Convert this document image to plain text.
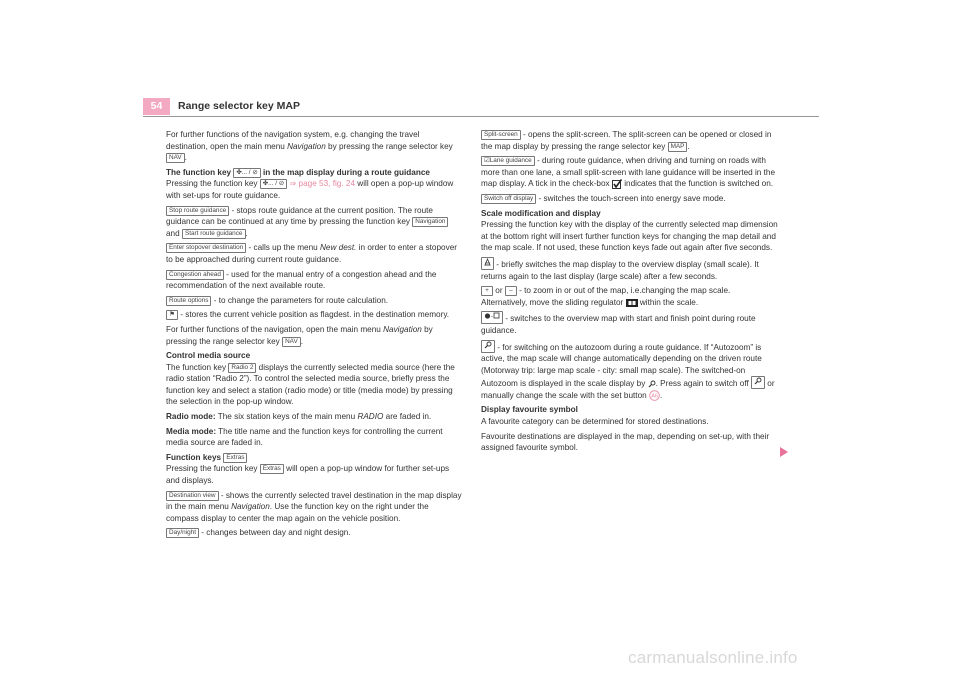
54	Range selector key MAP

For further functions of the navigation system, e.g. changing the travel destination, open the main menu Navigation by pressing the range selector key NAV .

The function key ✤... / ⊘ in the map display during a route guidance

Pressing the function key ✤... / ⊘ ⇒ page 53, fig. 24 will open a pop-up window with set-ups for route guidance.

Stop route guidance - stops route guidance at the current position. The route guidance can be continued at any time by pressing the function key Navigation and Start route guidance .

Enter stopover destination - calls up the menu New dest. in order to enter a stopover to be approached during current route guidance.

Congestion ahead - used for the manual entry of a congestion ahead and the recommendation of the next available route.

Route options - to change the parameters for route calculation.

⚑ - stores the current vehicle position as flagdest. in the destination memory.

For further functions of the navigation, open the main menu Navigation by pressing the range selector key NAV .

Control media source

The function key Radio 2 displays the currently selected media source (here the radio station “Radio 2”). To control the selected media source, briefly press the function key and select a station (radio mode) or title (media mode) by pressing the selection in the pop-up window.

Radio mode: The six station keys of the main menu RADIO are faded in.

Media mode: The title name and the function keys for controlling the current media source are faded in.

Function keys Extras

Pressing the function key Extras will open a pop-up window for further set-ups and displays.

Destination view - shows the currently selected travel destination in the map display in the main menu Navigation. Use the function key on the right under the compass display to center the map again on the vehicle position.

Day/night - changes between day and night design.

Split-screen - opens the split-screen. The split-screen can be opened or closed in the map display by pressing the range selector key MAP .

☑Lane guidance - during route guidance, when driving and turning on roads with more than one lane, a small split-screen with lane guidance will be inserted in the map display. A tick in the check-box  indicates that the function is switched on.

Switch off display - switches the touch-screen into energy save mode.

Scale modification and display

Pressing the function key with the display of the currently selected map dimension at the bottom right will insert further function keys for changing the map detail and the map scale. If not used, these function keys fade out again after five seconds.

- briefly switches the map display to the overview display (small scale). It returns again to the last display (large scale) after a few seconds.

+ or – - to zoom in or out of the map, i.e.changing the map scale. Alternatively, move the sliding regulator  within the scale.

- - switches to the overview map with start and finish point during route guidance.

- for switching on the autozoom during a route guidance. If “Autozoom” is active, the map scale will change automatically depending on the driven route (Motorway trip: large map scale - city: small map scale). The switched-on Autozoom is displayed in the scale display by . Press again to switch off  or manually change the scale with the set button A6 .

Display favourite symbol

A favourite category can be determined for stored destinations.

Favourite destinations are displayed in the map, depending on set-up, with their assigned favourite symbol.

carmanualsonline.info
